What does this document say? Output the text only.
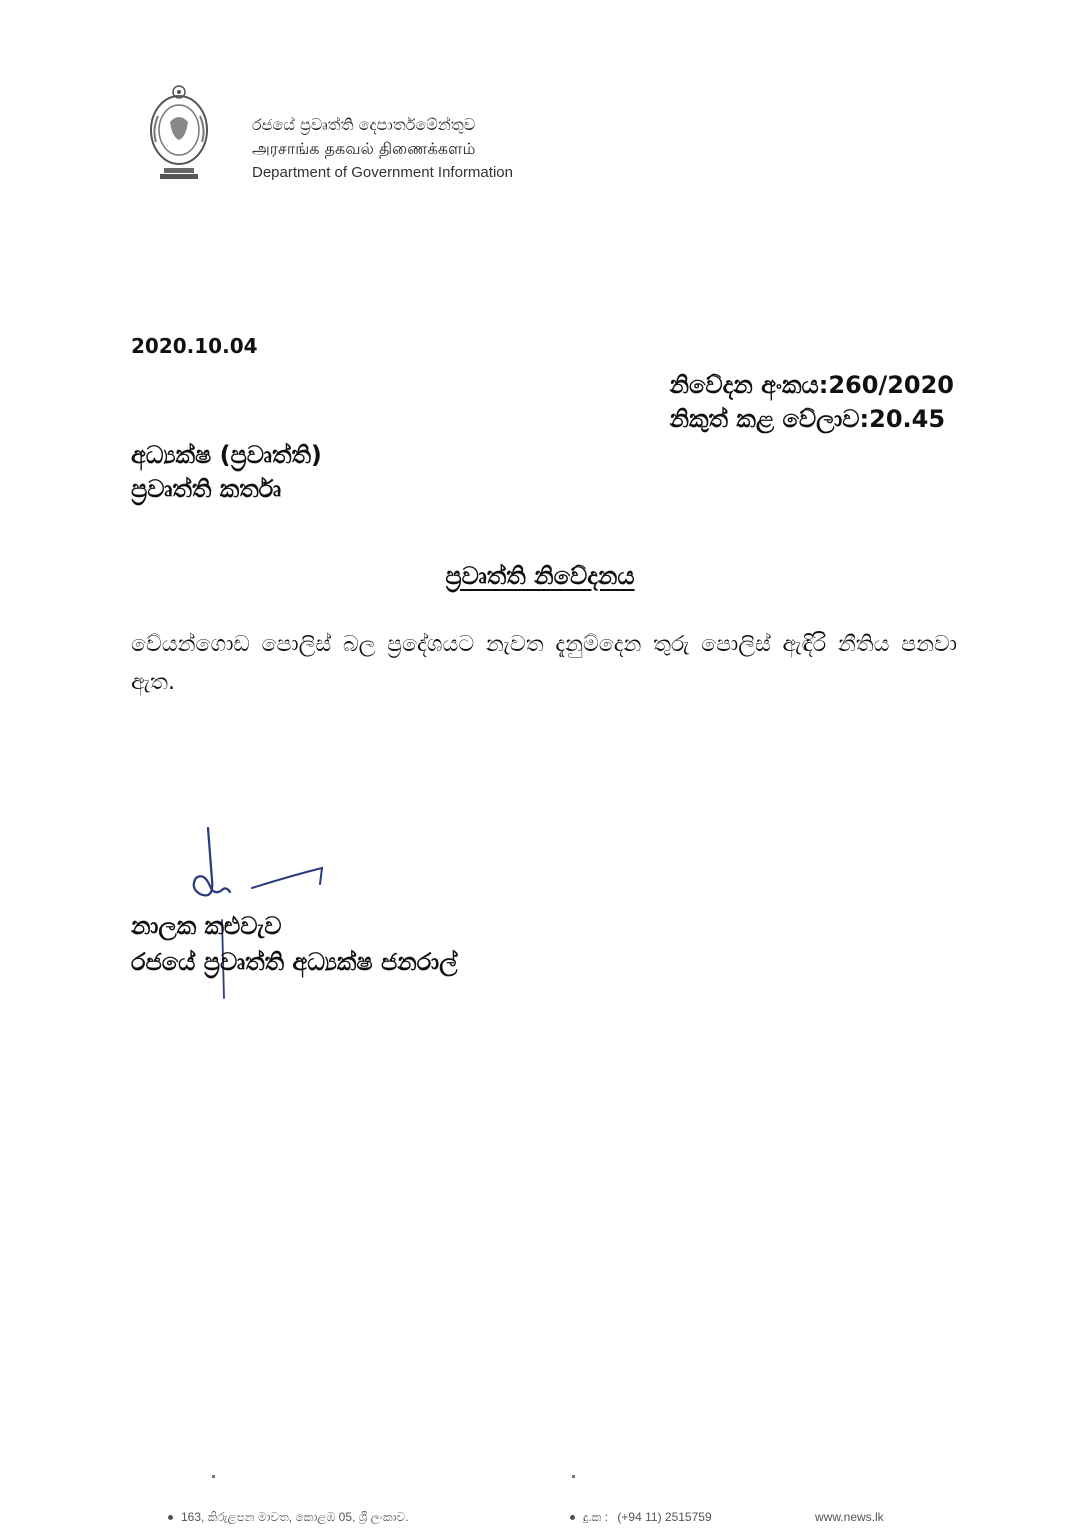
රජයේ ප්‍රවෘත්ති දෙපාර්තමේන්තුව
அரசாங்க தகவல் திணைக்களம்
Department of Government Information
2020.10.04
නිවේදන අංකය:260/2020
නිකුත් කළ වේලාව:20.45
අධ්‍යක්ෂ (ප්‍රවෘත්ති)
ප්‍රවෘත්ති කර්තෘ
ප්‍රවෘත්ති නිවේදනය
වේයන්ගොඩ පොලිස් බල ප්‍රදේශයට නැවත දැනුම්දෙන තුරු පොලිස් ඇඳිරි නීතිය පනවා ඇත.
නාලක කළුවැව
රජයේ ප්‍රවෘත්ති අධ්‍යක්ෂ ජනරාල්
163, කිරුළපන මාවත, කොළඹ 05, ශ්‍රී ලංකාව.	දු.ක : (+94 11) 2515759	www.news.lk
